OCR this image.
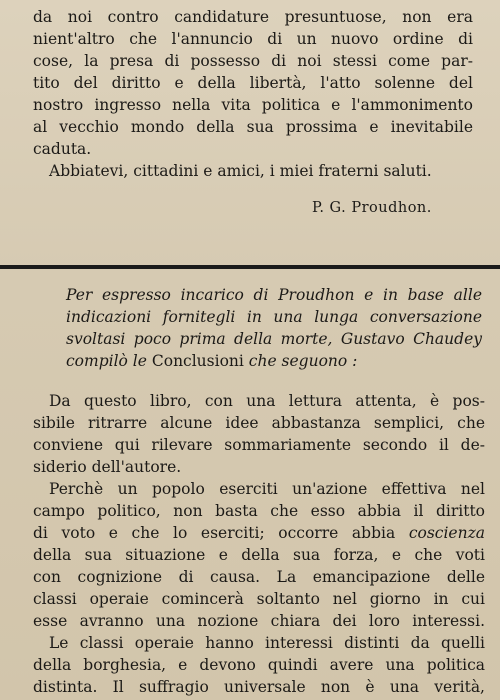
da noi contro candidature presuntuose, non era
nient'altro che l'annuncio di un nuovo ordine di
cose, la presa di possesso di noi stessi come par-
tito del diritto e della libertà, l'atto solenne del
nostro ingresso nella vita politica e l'ammonimento
al vecchio mondo della sua prossima e inevitabile
caduta.
Abbiatevi, cittadini e amici, i miei fraterni saluti.
P. G. Proudhon.
Per espresso incarico di Proudhon e in base alle
indicazioni fornitegli in una lunga conversazione
svoltasi poco prima della morte, Gustavo Chaudey
compilò le Conclusioni che seguono :
Da questo libro, con una lettura attenta, è pos-
sibile ritrarre alcune idee abbastanza semplici, che
conviene qui rilevare sommariamente secondo il de-
siderio dell'autore.
Perchè un popolo eserciti un'azione effettiva nel
campo politico, non basta che esso abbia il diritto
di voto e che lo eserciti; occorre abbia coscienza
della sua situazione e della sua forza, e che voti
con cognizione di causa. La emancipazione delle
classi operaie comincerà soltanto nel giorno in cui
esse avranno una nozione chiara dei loro interessi.
Le classi operaie hanno interessi distinti da quelli
della borghesia, e devono quindi avere una politica
distinta. Il suffragio universale non è una verità,
